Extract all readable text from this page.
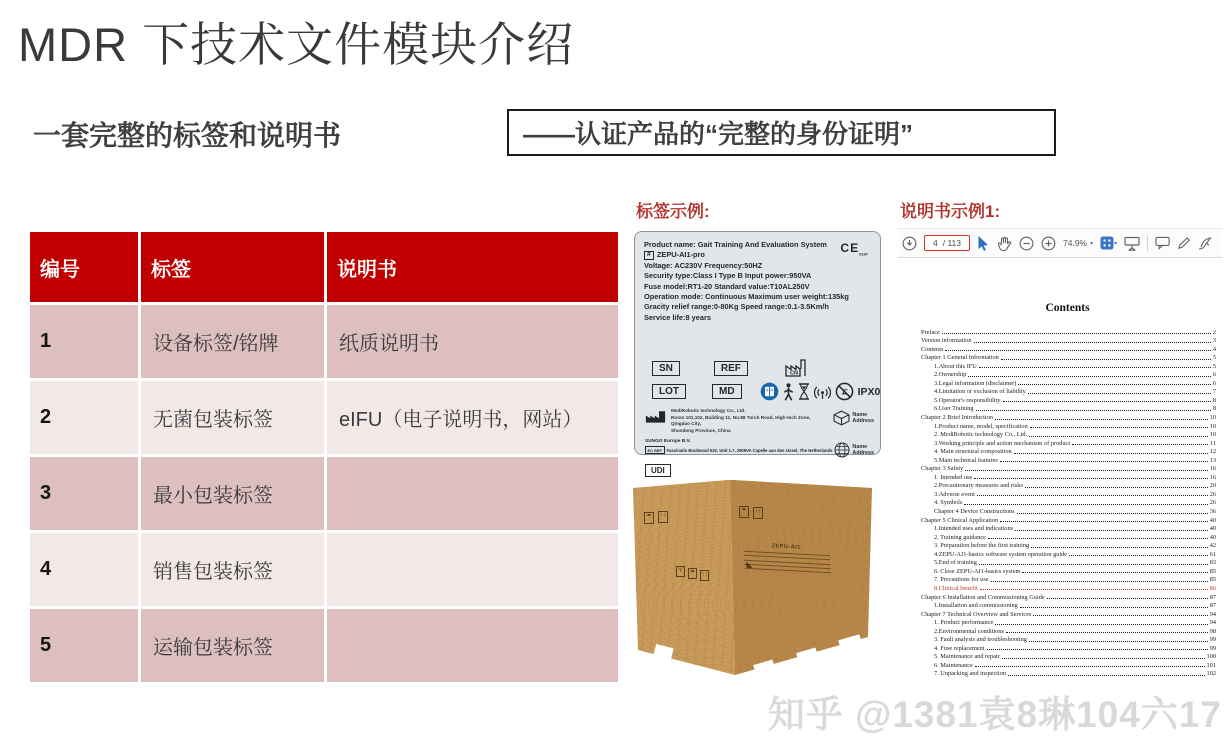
MDR 下技术文件模块介绍
一套完整的标签和说明书	——认证产品的“完整的身份证明”
编号	标签	说明书
1	设备标签/铭牌	纸质说明书
2	无菌包装标签	eIFU（电子说明书，网站）
3	最小包装标签
4	销售包装标签
5	运输包装标签
标签示例:
$CE_{0197}$
Product name: Gait Training And Evaluation System
# ZEPU-AI1-pro
Voltage: AC230V Frequency:50HZ
Security type:Class I Type B Input power:950VA
Fuse model:RT1-20 Standard value:T10AL250V
Operation mode: Continuous Maximum user weight:135kg
Gracity relief range:0-80Kg Speed range:0.1-3.5Km/h
Service life:8 years
SN	REF	CN
LOT	MD	IPX0
MediRobotic technology Co., Ltd.
Room 101,102, Building 11, No.88 Torch Road, High-tech Zone, Qingdao City,
Shandong Province, China
Name
Address
SUNGO Europe B.V.
EC REP	Fascinatio Boulevard 522, Unit 1.7, 2909VA Capelle aan den IJssel, The Netherlands	Name
Address
UDI
☂	↑↑
Y	☂	↑↑
☂	↑↑
ZEPU-AI1
◣
说明书示例1:
4 / 113	74.9% ▾	▾
Contents
Preface	2
Version information	3
Contents	4
Chapter 1 General Information	5
1.About this IFU	5
2.Ownership	6
3.Legal information (disclaimer)	6
4.Limitation or exclusion of liability	7
5.Operator's responsibility	8
6.User Training	8
Chapter 2 Brief Introduction	10
1.Product name, model, specification	10
2. MediRobotic technology Co., Ltd.	10
3.Working principle and action mechanism of product	11
4. Main structural composition	12
5.Main technical features	13
Chapter 3 Safety	16
1. Intended use	16
2.Precautionary measures and risks	20
3.Adverse event	26
4. Symbols	26
Chapter 4 Device Constructions	36
Chapter 5 Clinical Application	40
1.Intended uses and indications	40
2. Training guidance	40
3. Preparation before the first training	42
4.ZEPU-AI1-basics software system operation guide	61
5.End of training	83
6. Close ZEPU-AI1-basics system	85
7. Precautions for use	85
8.Clinical benefit	86
Chapter 6 Installation and Commissioning Guide	87
1.Installation and commissioning	87
Chapter 7 Technical Overview and Services	94
1. Product performance	94
2.Environmental conditions	98
3. Fault analysis and troubleshooting	99
4. Fuse replacement	99
5. Maintenance and repair	100
6. Maintenance	101
7. Unpacking and inspection	102
知乎 @1381袁8琳104六17
